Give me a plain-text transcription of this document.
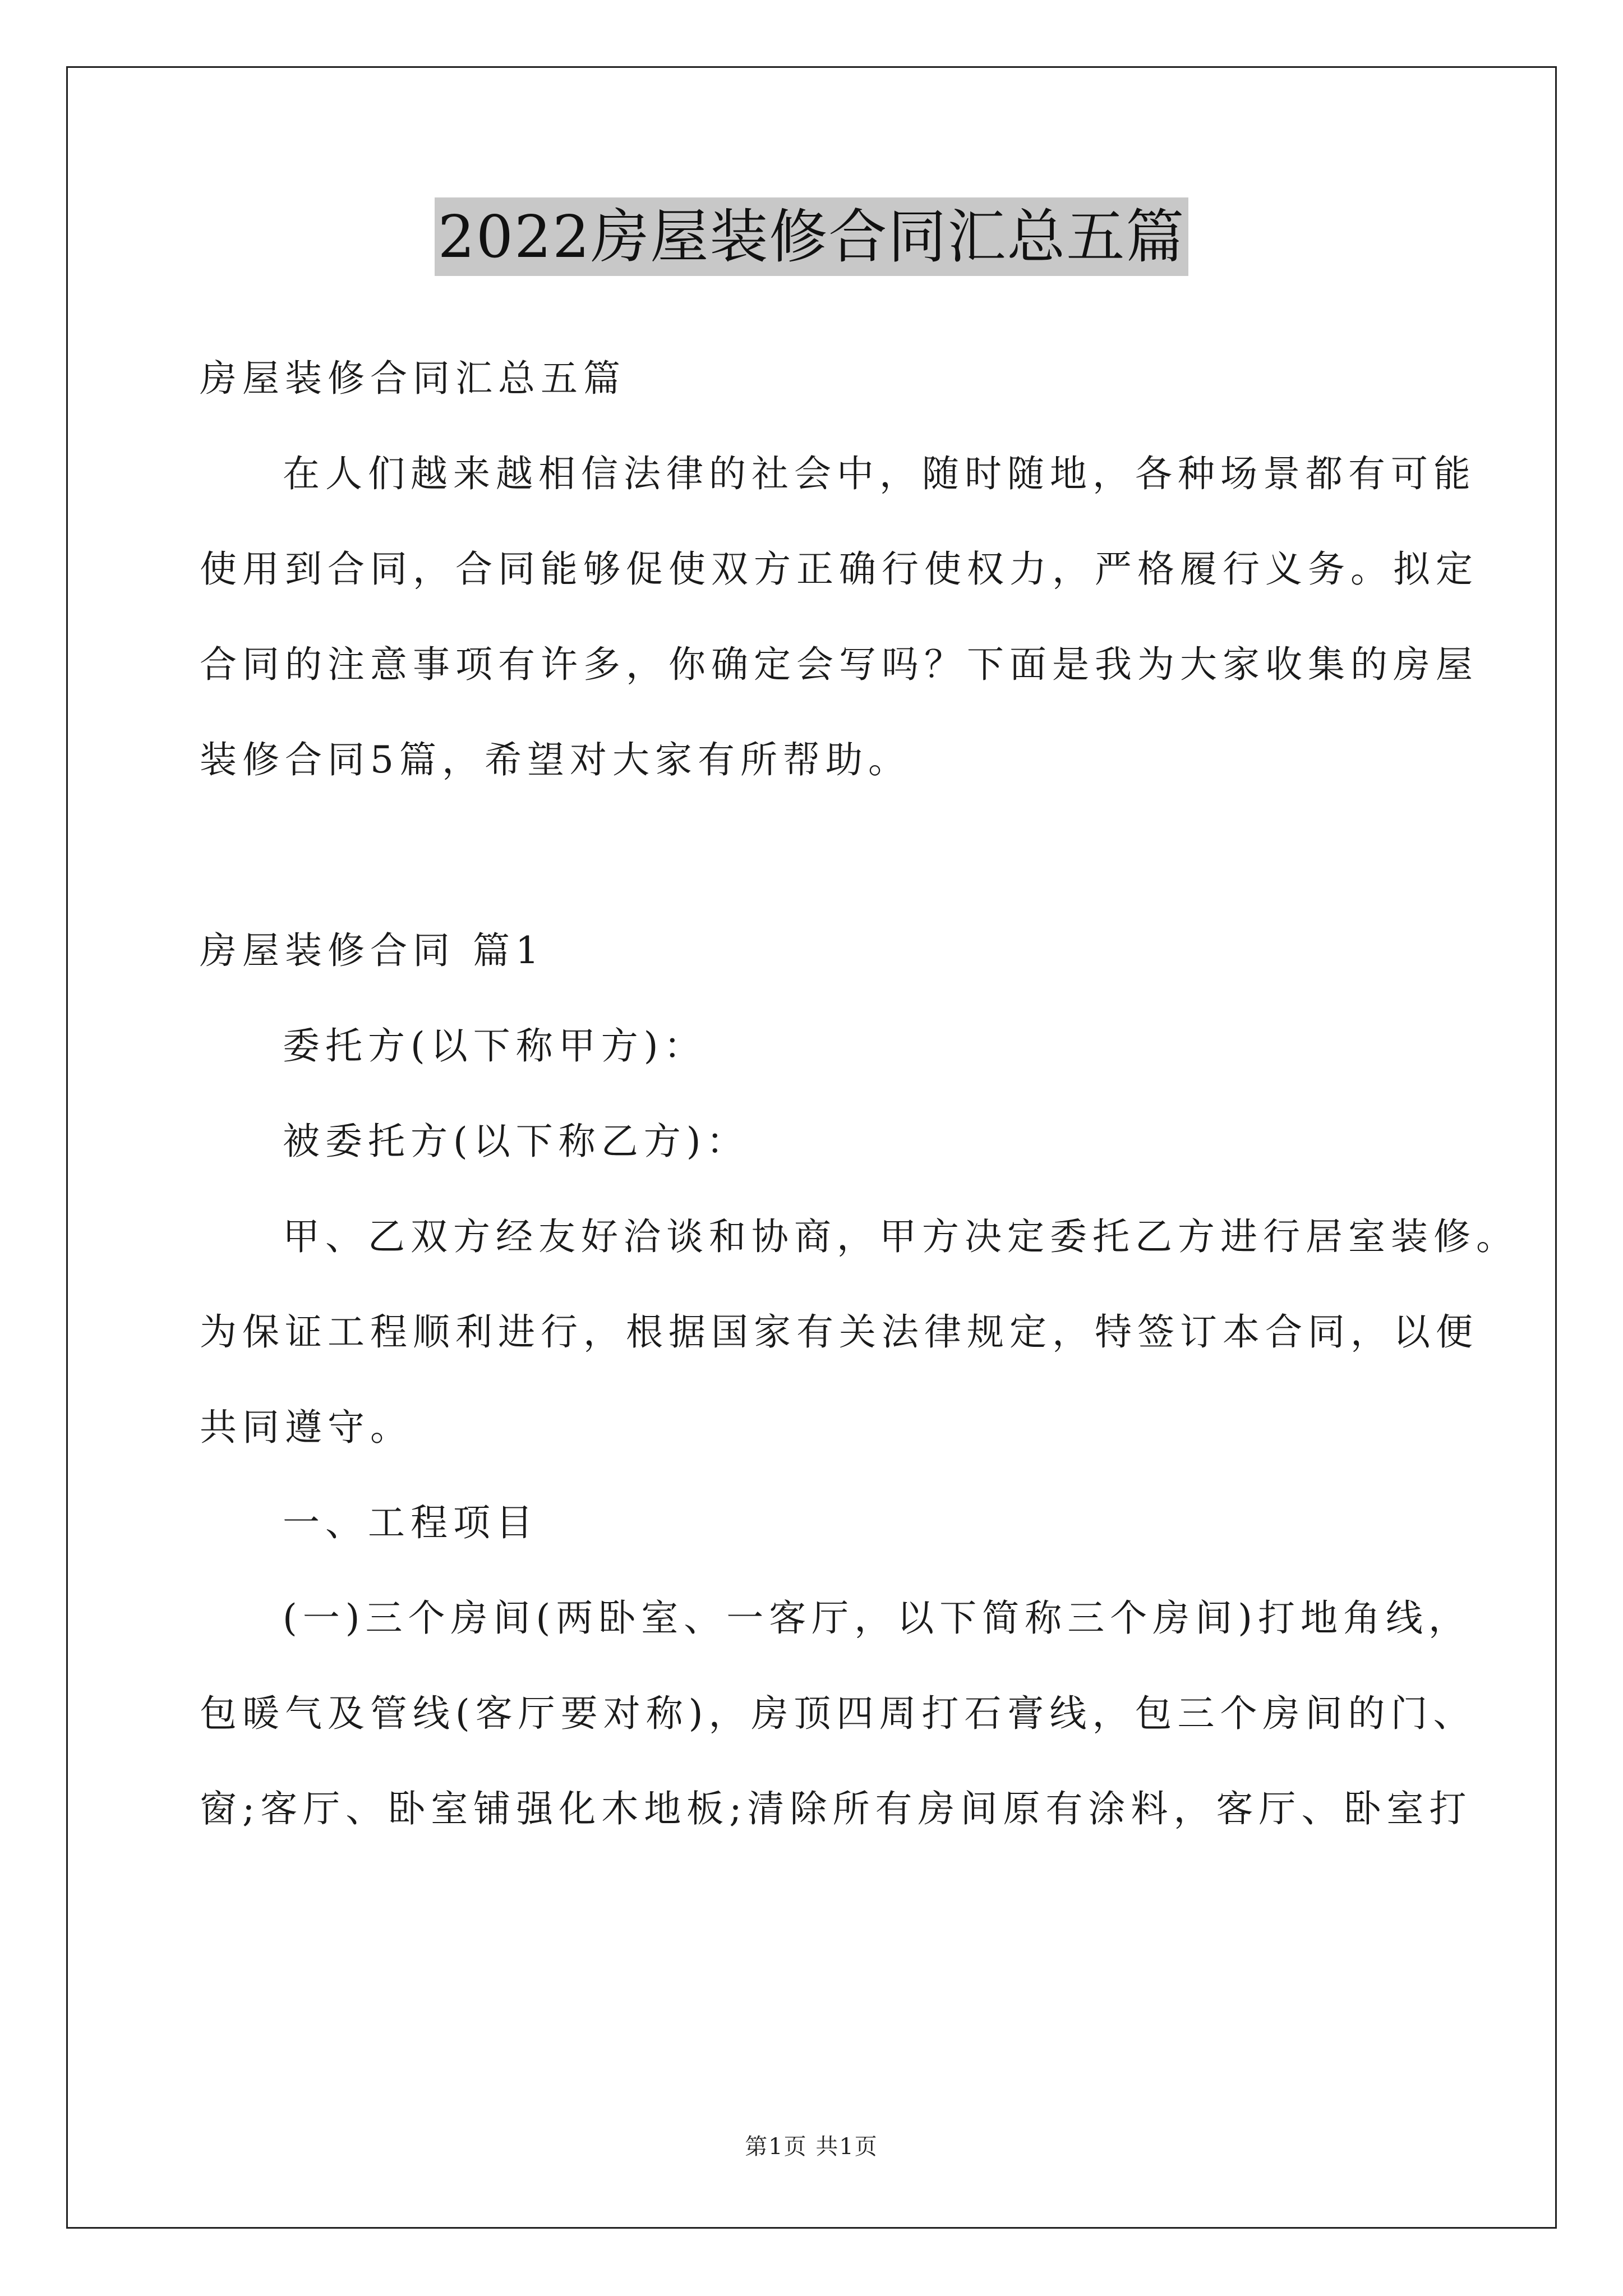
2022房屋装修合同汇总五篇
房屋装修合同汇总五篇
在人们越来越相信法律的社会中，随时随地，各种场景都有可能
使用到合同，合同能够促使双方正确行使权力，严格履行义务。拟定
合同的注意事项有许多，你确定会写吗？下面是我为大家收集的房屋
装修合同5篇，希望对大家有所帮助。
房屋装修合同 篇1
委托方(以下称甲方)：
被委托方(以下称乙方)：
甲、乙双方经友好洽谈和协商，甲方决定委托乙方进行居室装修。
为保证工程顺利进行，根据国家有关法律规定，特签订本合同，以便
共同遵守。
一、工程项目
(一)三个房间(两卧室、一客厅，以下简称三个房间)打地角线，
包暖气及管线(客厅要对称)，房顶四周打石膏线，包三个房间的门、
窗;客厅、卧室铺强化木地板;清除所有房间原有涂料，客厅、卧室打
第1页 共1页
